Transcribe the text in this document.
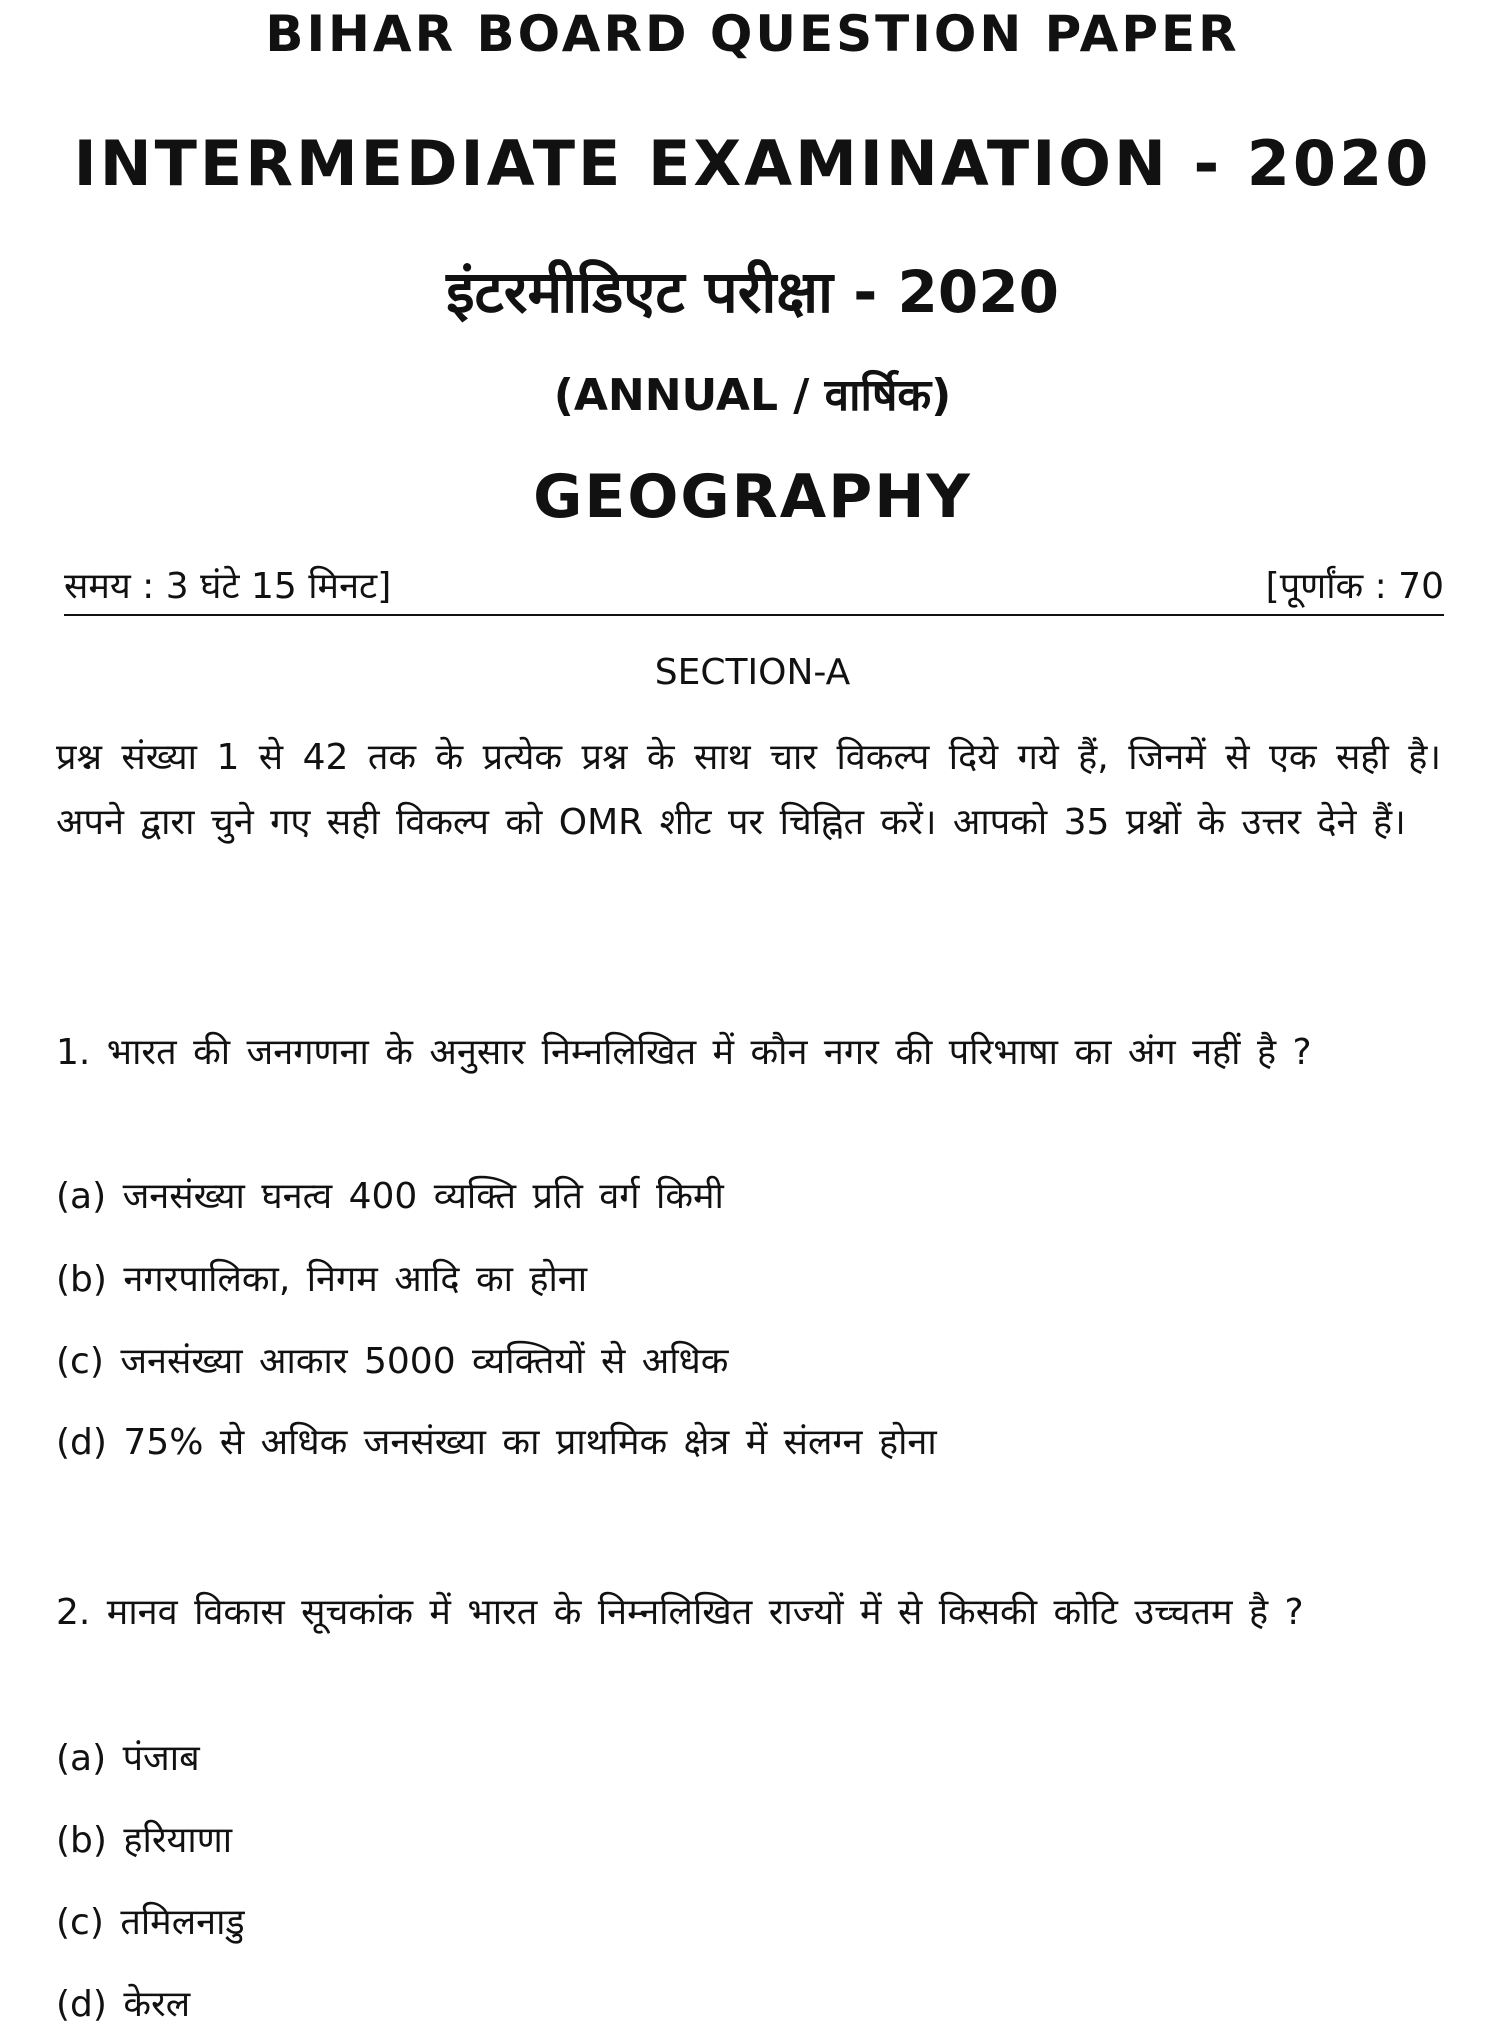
BIHAR BOARD QUESTION PAPER
INTERMEDIATE EXAMINATION - 2020
इंटरमीडिएट परीक्षा - 2020
(ANNUAL / वार्षिक)
GEOGRAPHY
समय : 3 घंटे 15 मिनट]	[पूर्णांक : 70
SECTION-A
प्रश्न संख्या 1 से 42 तक के प्रत्येक प्रश्न के साथ चार विकल्प दिये गये हैं, जिनमें से एक सही है। अपने द्वारा चुने गए सही विकल्प को OMR शीट पर चिह्नित करें। आपको 35 प्रश्नों के उत्तर देने हैं।
1. भारत की जनगणना के अनुसार निम्नलिखित में कौन नगर की परिभाषा का अंग नहीं है ?
(a) जनसंख्या घनत्व 400 व्यक्ति प्रति वर्ग किमी
(b) नगरपालिका, निगम आदि का होना
(c) जनसंख्या आकार 5000 व्यक्तियों से अधिक
(d) 75% से अधिक जनसंख्या का प्राथमिक क्षेत्र में संलग्न होना
2. मानव विकास सूचकांक में भारत के निम्नलिखित राज्यों में से किसकी कोटि उच्चतम है ?
(a) पंजाब
(b) हरियाणा
(c) तमिलनाडु
(d) केरल
